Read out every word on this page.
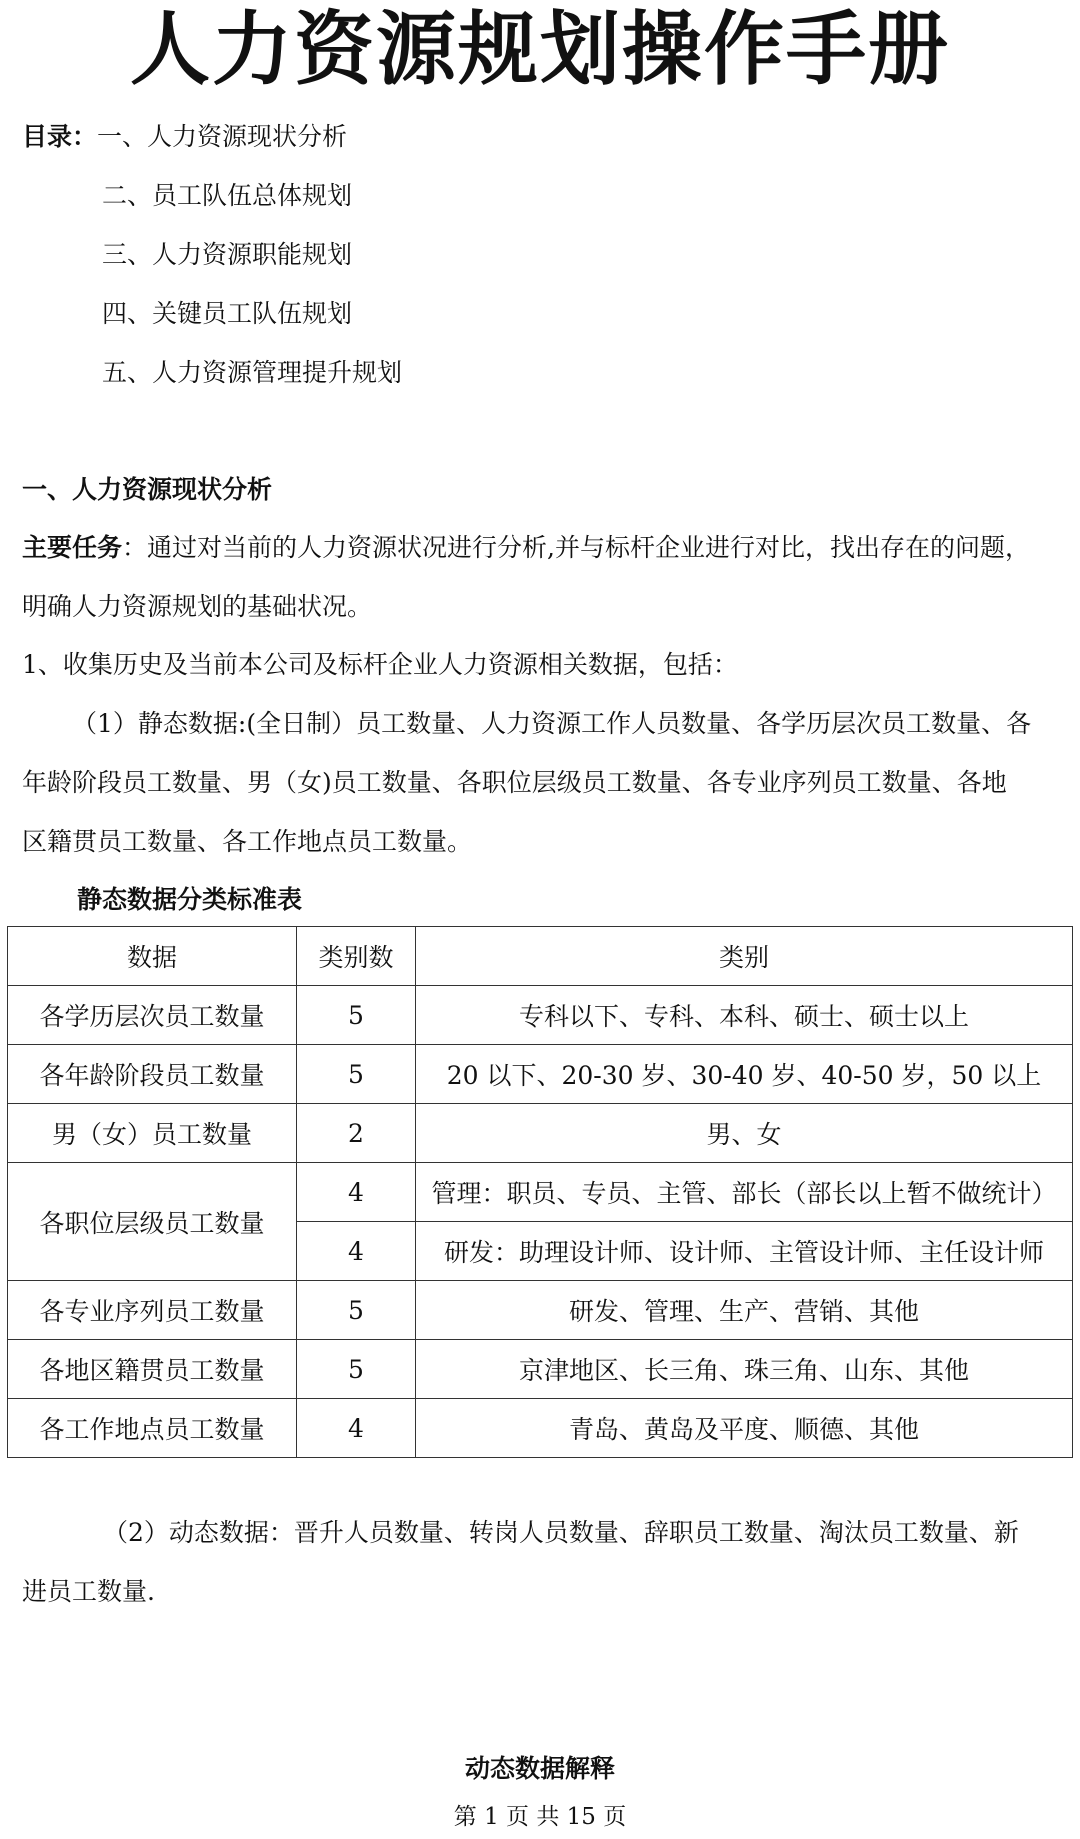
人力资源规划操作手册
目录：一、人力资源现状分析
二、员工队伍总体规划
三、人力资源职能规划
四、关键员工队伍规划
五、人力资源管理提升规划
一、人力资源现状分析
主要任务：通过对当前的人力资源状况进行分析,并与标杆企业进行对比，找出存在的问题，
明确人力资源规划的基础状况。
1、收集历史及当前本公司及标杆企业人力资源相关数据，包括：
（1）静态数据:(全日制）员工数量、人力资源工作人员数量、各学历层次员工数量、各
年龄阶段员工数量、男（女)员工数量、各职位层级员工数量、各专业序列员工数量、各地
区籍贯员工数量、各工作地点员工数量。
静态数据分类标准表
数据	类别数	类别
各学历层次员工数量	5	专科以下、专科、本科、硕士、硕士以上
各年龄阶段员工数量	5	20 以下、20-30 岁、30-40 岁、40-50 岁，50 以上
男（女）员工数量	2	男、女
各职位层级员工数量	4	管理：职员、专员、主管、部长（部长以上暂不做统计）
	4	研发：助理设计师、设计师、主管设计师、主任设计师
各专业序列员工数量	5	研发、管理、生产、营销、其他
各地区籍贯员工数量	5	京津地区、长三角、珠三角、山东、其他
各工作地点员工数量	4	青岛、黄岛及平度、顺德、其他
（2）动态数据：晋升人员数量、转岗人员数量、辞职员工数量、淘汰员工数量、新
进员工数量.
动态数据解释
第 1 页 共 15 页
